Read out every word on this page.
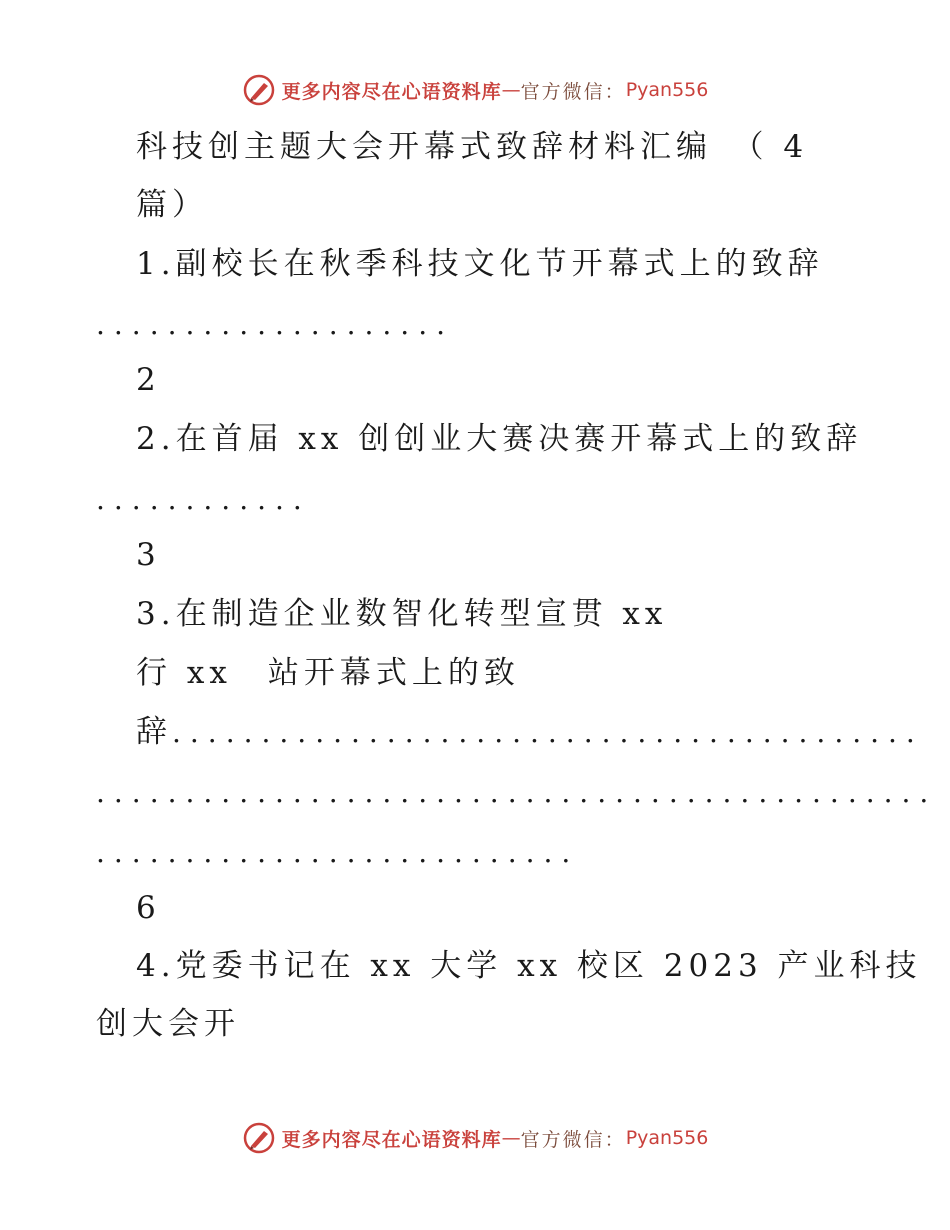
更多内容尽在心语资料库 — 官方微信： Pyan556
科技创主题大会开幕式致辞材料汇编　（ 4
篇）
1.副校长在秋季科技文化节开幕式上的致辞
....................
2
2.在首届 xx 创创业大赛决赛开幕式上的致辞
............
3
3.在制造企业数智化转型宣贯 xx
行 xx　站开幕式上的致
辞 ..........................................
...............................................
...........................
6
4.党委书记在 xx 大学 xx 校区 2023 产业科技
创大会开
更多内容尽在心语资料库 — 官方微信： Pyan556
